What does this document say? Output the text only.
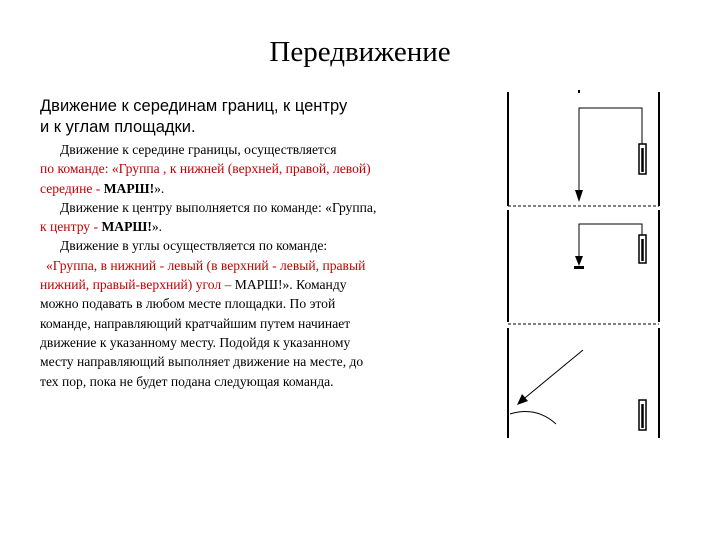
Передвижение
Движение к серединам границ, к центру
и к углам площадки.

Движение к середине границы, осуществляется

по команде: «Группа , к нижней (верхней, правой, левой)

середине - МАРШ!».

Движение к центру выполняется по команде: «Группа,

к центру - МАРШ!».

Движение в углы осуществляется по команде:

«Группа, в нижний - левый (в верхний - левый, правый

нижний, правый-верхний) угол – МАРШ!». Команду

можно подавать в любом месте площадки. По этой

команде, направляющий кратчайшим путем начинает

движение к указанному месту. Подойдя к указанному

месту направляющий выполняет движение на месте, до

тех пор, пока не будет подана следующая команда.
